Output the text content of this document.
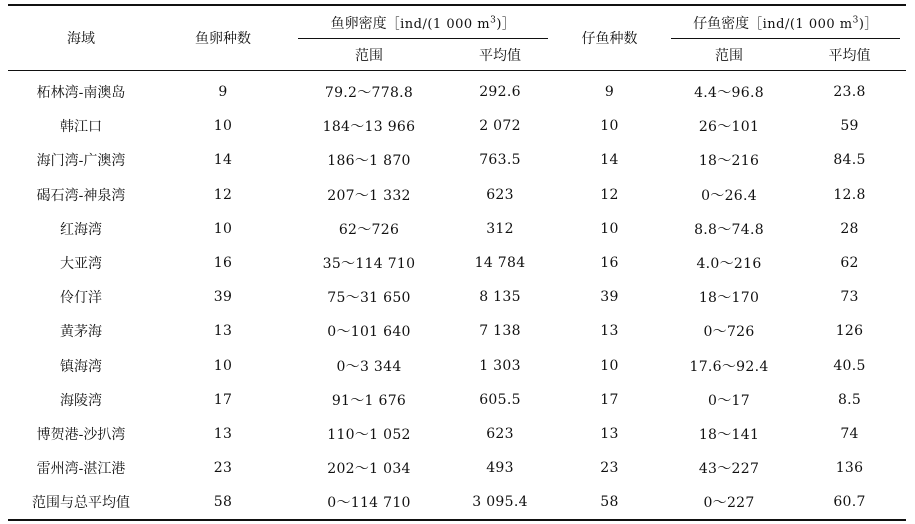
海域	鱼卵种数	鱼卵密度［ind/(1 000 $m^3)]$		仔鱼种数	仔鱼密度［ind/(1 000 $m^3)]$	

		范围	平均值		范围	平均值
柘林湾-南澳岛	9	79.2～778.8	292.6	9	4.4～96.8	23.8
韩江口	10	184～13 966	2 072	10	26～101	59
海门湾-广澳湾	14	186～1 870	763.5	14	18～216	84.5
碣石湾-神泉湾	12	207～1 332	623	12	0～26.4	12.8
红海湾	10	62～726	312	10	8.8～74.8	28
大亚湾	16	35～114 710	14 784	16	4.0～216	62
伶仃洋	39	75～31 650	8 135	39	18～170	73
黄茅海	13	0～101 640	7 138	13	0～726	126
镇海湾	10	0～3 344	1 303	10	17.6～92.4	40.5
海陵湾	17	91～1 676	605.5	17	0～17	8.5
博贺港-沙扒湾	13	110～1 052	623	13	18～141	74
雷州湾-湛江港	23	202～1 034	493	23	43～227	136
范围与总平均值	58	0～114 710	3 095.4	58	0～227	60.7
